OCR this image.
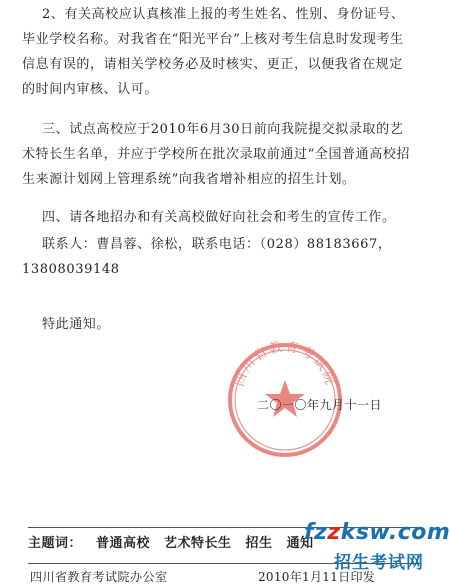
2、有关高校应认真核准上报的考生姓名、性别、身份证号、毕业学校名称。对我省在“阳光平台”上核对考生信息时发现考生信息有误的，请相关学校务必及时核实、更正，以便我省在规定的时间内审核、认可。

三、试点高校应于2010年6月30日前向我院提交拟录取的艺术特长生名单，并应于学校所在批次录取前通过“全国普通高校招生来源计划网上管理系统”向我省增补相应的招生计划。

四、请各地招办和有关高校做好向社会和考生的宣传工作。

联系人：曹昌蓉、徐松，联系电话：（028）88183667，13808039148

特此通知。

四川省教育考试院
二〇一〇年九月十一日
主题词： 普通高校 艺术特长生 招生 通知
四川省教育考试院办公室	2010年1月11日印发
fzzksw.com
招生考试网
